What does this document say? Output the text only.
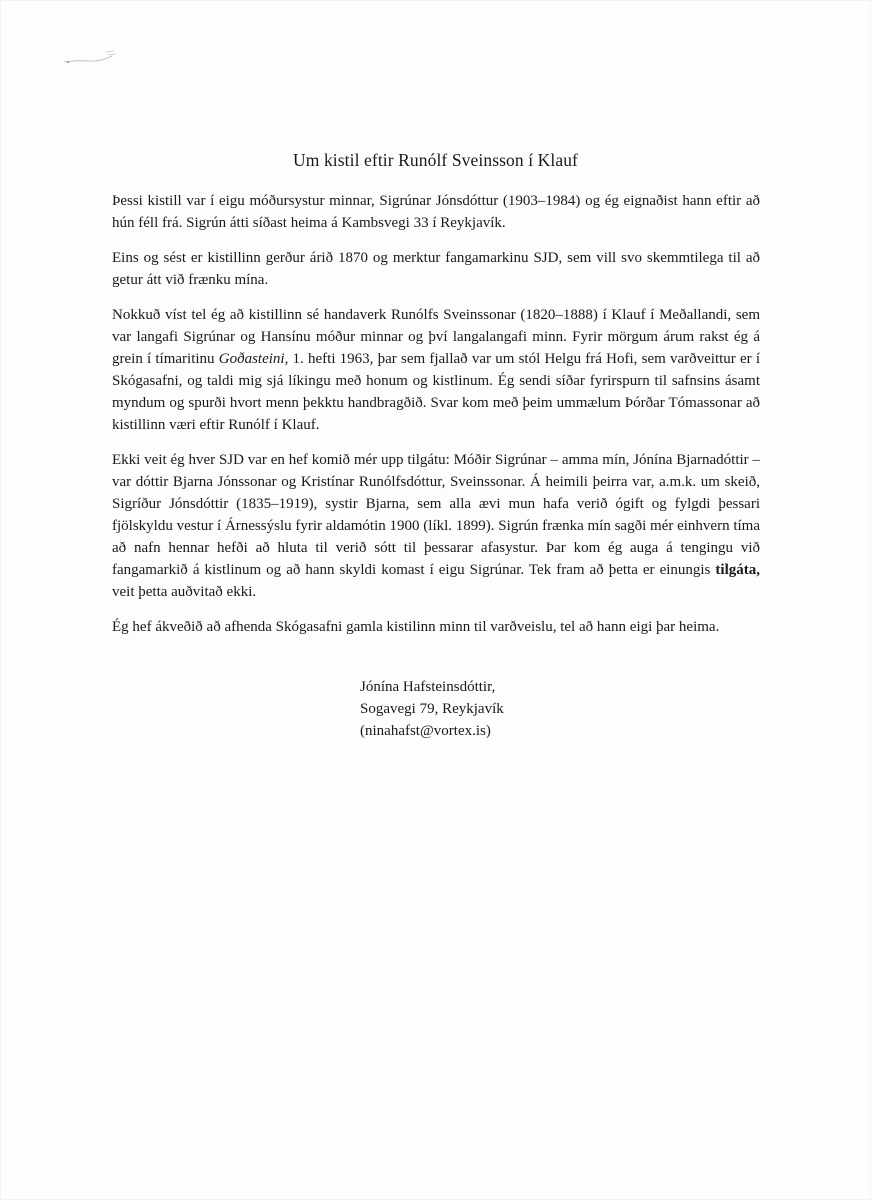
Um kistil eftir Runólf Sveinsson í Klauf

Þessi kistill var í eigu móðursystur minnar, Sigrúnar Jónsdóttur (1903–1984) og ég eignaðist hann eftir að hún féll frá. Sigrún átti síðast heima á Kambsvegi 33 í Reykjavík.

Eins og sést er kistillinn gerður árið 1870 og merktur fangamarkinu SJD, sem vill svo skemmtilega til að getur átt við frænku mína.

Nokkuð víst tel ég að kistillinn sé handaverk Runólfs Sveinssonar (1820–1888) í Klauf í Meðallandi, sem var langafi Sigrúnar og Hansínu móður minnar og því langalangafi minn. Fyrir mörgum árum rakst ég á grein í tímaritinu Goðasteini, 1. hefti 1963, þar sem fjallað var um stól Helgu frá Hofi, sem varðveittur er í Skógasafni, og taldi mig sjá líkingu með honum og kistlinum. Ég sendi síðar fyrirspurn til safnsins ásamt myndum og spurði hvort menn þekktu handbragðið. Svar kom með þeim ummælum Þórðar Tómassonar að kistillinn væri eftir Runólf í Klauf.

Ekki veit ég hver SJD var en hef komið mér upp tilgátu: Móðir Sigrúnar – amma mín, Jónína Bjarnadóttir – var dóttir Bjarna Jónssonar og Kristínar Runólfsdóttur, Sveinssonar. Á heimili þeirra var, a.m.k. um skeið, Sigríður Jónsdóttir (1835–1919), systir Bjarna, sem alla ævi mun hafa verið ógift og fylgdi þessari fjölskyldu vestur í Árnessýslu fyrir aldamótin 1900 (líkl. 1899). Sigrún frænka mín sagði mér einhvern tíma að nafn hennar hefði að hluta til verið sótt til þessarar afasystur. Þar kom ég auga á tengingu við fangamarkið á kistlinum og að hann skyldi komast í eigu Sigrúnar. Tek fram að þetta er einungis tilgáta, veit þetta auðvitað ekki.

Ég hef ákveðið að afhenda Skógasafni gamla kistilinn minn til varðveislu, tel að hann eigi þar heima.

Jónína Hafsteinsdóttir,
Sogavegi 79, Reykjavík
(ninahafst@vortex.is)
